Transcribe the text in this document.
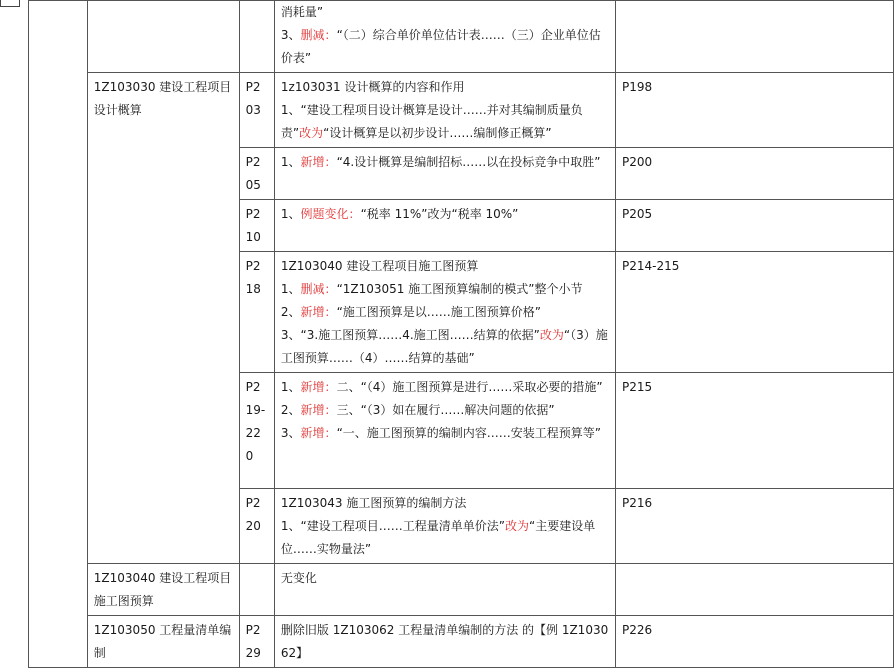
			消耗量”
3、删减：“（二）综合单价单位估计表……（三）企业单位估价表”	

	1Z103030 建设工程项目设计概算	P203	1z103031 设计概算的内容和作用
1、“建设工程项目设计概算是设计……并对其编制质量负责”改为“设计概算是以初步设计……编制修正概算”	P198
		P205	1、新增：“4.设计概算是编制招标……以在投标竞争中取胜”	P200
		P210	1、例题变化：“税率 11%”改为“税率 10%”	P205
		P218	1Z103040 建设工程项目施工图预算
1、删减：“1Z103051 施工图预算编制的模式”整个小节
2、新增：“施工图预算是以……施工图预算价格”
3、“3.施工图预算……4.施工图……结算的依据”改为“（3）施工图预算……（4）……结算的基础”	P214-215
		P219-220	1、新增：二、“（4）施工图预算是进行……采取必要的措施”
2、新增：三、“（3）如在履行……解决问题的依据”
3、新增：“一、施工图预算的编制内容……安装工程预算等”	P215
		P220	1Z103043 施工图预算的编制方法
1、“建设工程项目……工程量清单单价法”改为“主要建设单位……实物量法”	P216
	1Z103040 建设工程项目施工图预算		无变化	

	1Z103050 工程量清单编制	P229	删除旧版 1Z103062 工程量清单编制的方法 的【例 1Z103062】	P226
